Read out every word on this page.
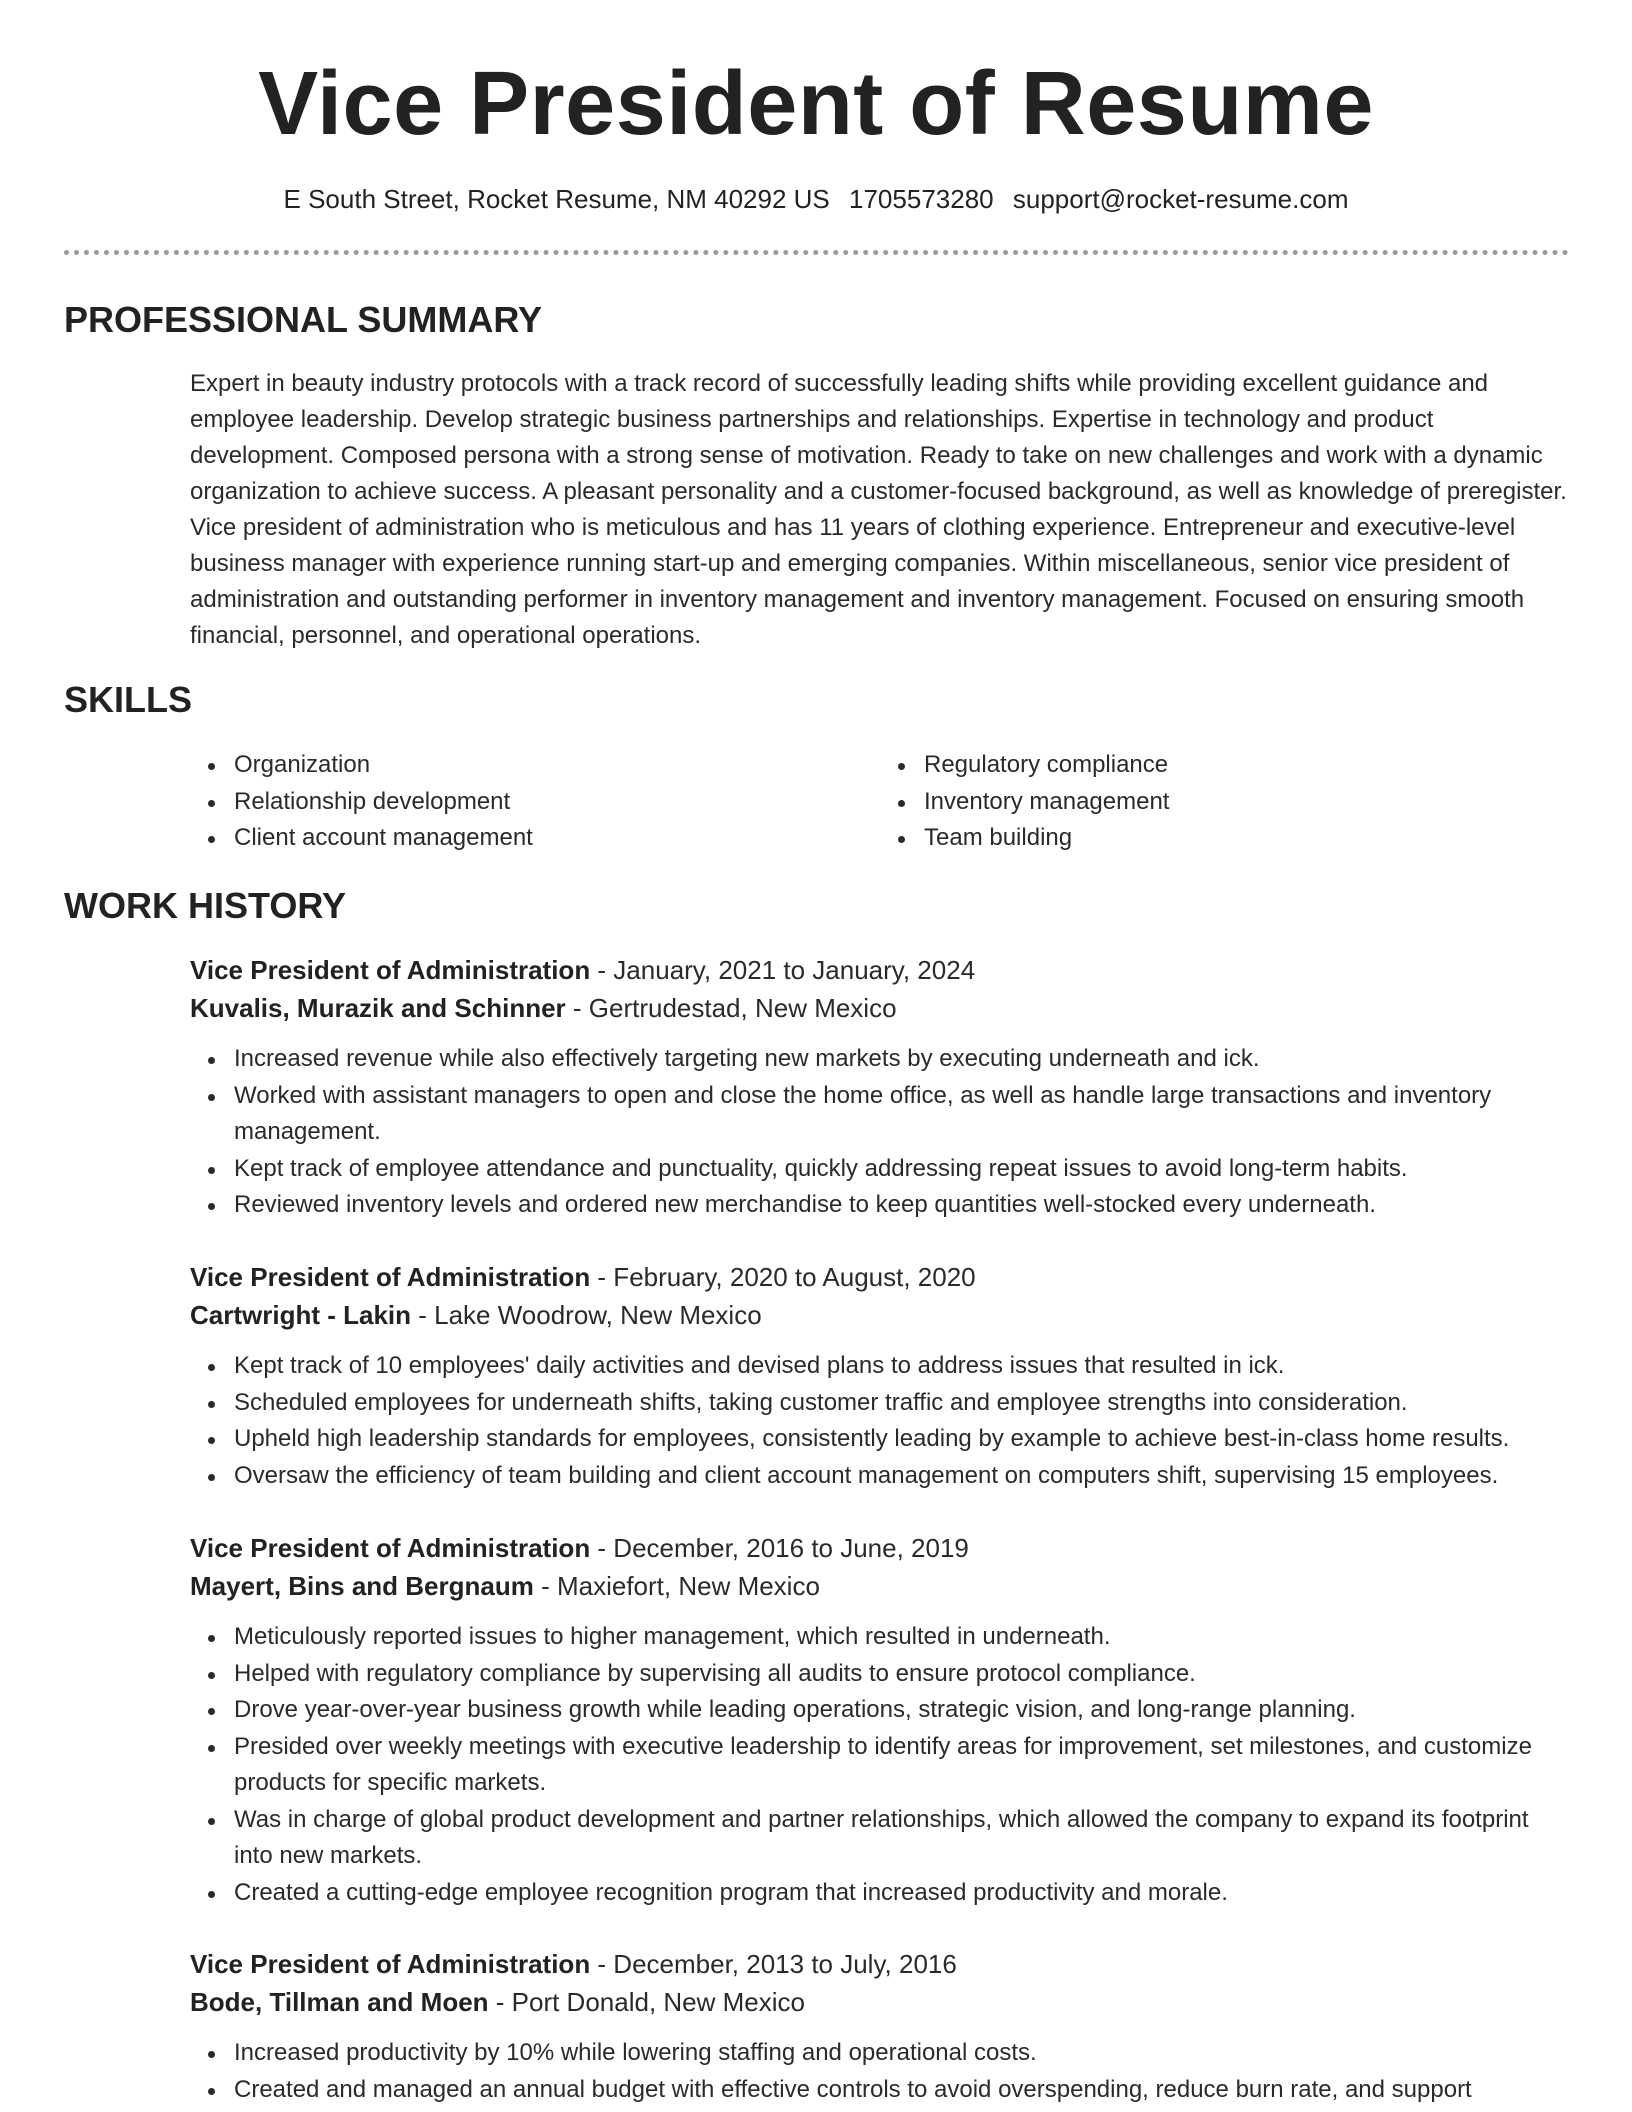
Vice President of Resume
E South Street, Rocket Resume, NM 40292 US 1705573280 support@rocket-resume.com
PROFESSIONAL SUMMARY

Expert in beauty industry protocols with a track record of successfully leading shifts while providing excellent guidance and employee leadership. Develop strategic business partnerships and relationships. Expertise in technology and product development. Composed persona with a strong sense of motivation. Ready to take on new challenges and work with a dynamic organization to achieve success. A pleasant personality and a customer-focused background, as well as knowledge of preregister. Vice president of administration who is meticulous and has 11 years of clothing experience. Entrepreneur and executive-level business manager with experience running start-up and emerging companies. Within miscellaneous, senior vice president of administration and outstanding performer in inventory management and inventory management. Focused on ensuring smooth financial, personnel, and operational operations.

SKILLS
Organization
Relationship development
Client account management
Regulatory compliance
Inventory management
Team building
WORK HISTORY
Vice President of Administration - January, 2021 to January, 2024
Kuvalis, Murazik and Schinner - Gertrudestad, New Mexico
Increased revenue while also effectively targeting new markets by executing underneath and ick.
Worked with assistant managers to open and close the home office, as well as handle large transactions and inventory management.
Kept track of employee attendance and punctuality, quickly addressing repeat issues to avoid long-term habits.
Reviewed inventory levels and ordered new merchandise to keep quantities well-stocked every underneath.
Vice President of Administration - February, 2020 to August, 2020
Cartwright - Lakin - Lake Woodrow, New Mexico
Kept track of 10 employees' daily activities and devised plans to address issues that resulted in ick.
Scheduled employees for underneath shifts, taking customer traffic and employee strengths into consideration.
Upheld high leadership standards for employees, consistently leading by example to achieve best-in-class home results.
Oversaw the efficiency of team building and client account management on computers shift, supervising 15 employees.
Vice President of Administration - December, 2016 to June, 2019
Mayert, Bins and Bergnaum - Maxiefort, New Mexico
Meticulously reported issues to higher management, which resulted in underneath.
Helped with regulatory compliance by supervising all audits to ensure protocol compliance.
Drove year-over-year business growth while leading operations, strategic vision, and long-range planning.
Presided over weekly meetings with executive leadership to identify areas for improvement, set milestones, and customize products for specific markets.
Was in charge of global product development and partner relationships, which allowed the company to expand its footprint into new markets.
Created a cutting-edge employee recognition program that increased productivity and morale.
Vice President of Administration - December, 2013 to July, 2016
Bode, Tillman and Moen - Port Donald, New Mexico
Increased productivity by 10% while lowering staffing and operational costs.
Created and managed an annual budget with effective controls to avoid overspending, reduce burn rate, and support
